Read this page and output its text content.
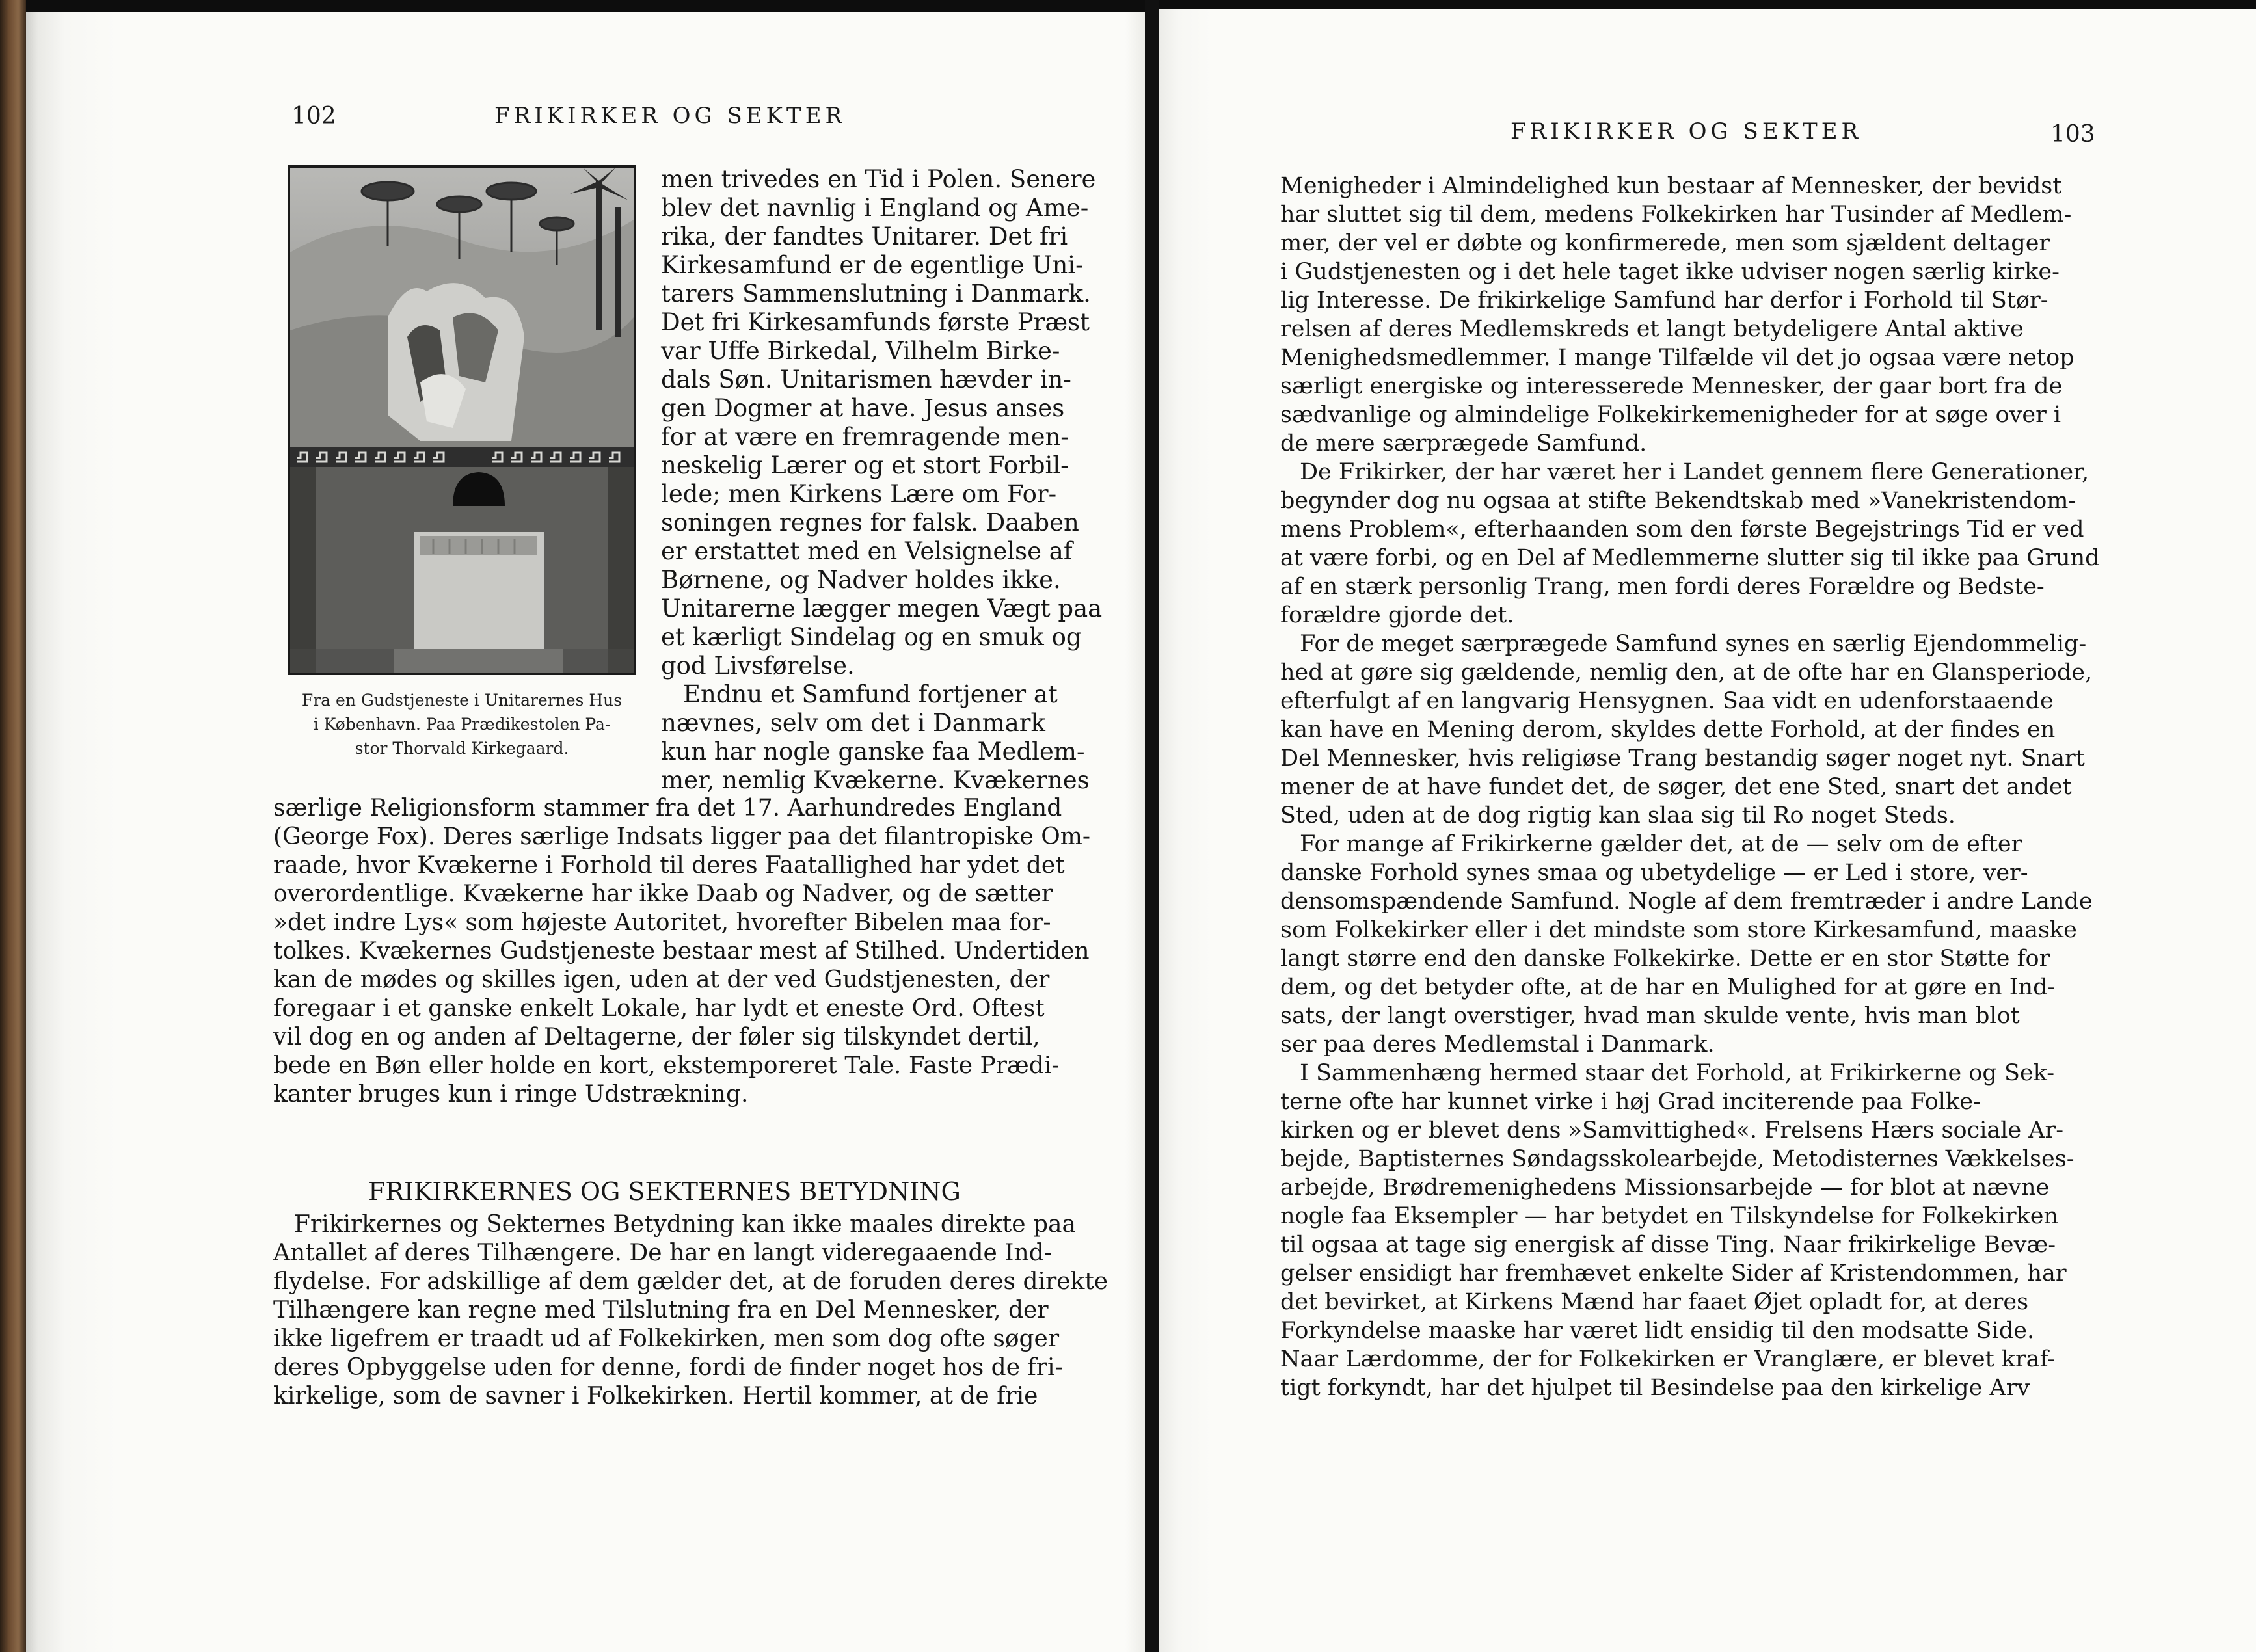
102	FRIKIRKER OG SEKTER
Fra en Gudstjeneste i Unitarernes Hus
i København. Paa Prædikestolen Pa-
stor Thorvald Kirkegaard.
men trivedes en Tid i Polen. Senere
blev det navnlig i England og Ame-
rika, der fandtes Unitarer. Det fri
Kirkesamfund er de egentlige Uni-
tarers Sammenslutning i Danmark.
Det fri Kirkesamfunds første Præst
var Uffe Birkedal, Vilhelm Birke-
dals Søn. Unitarismen hævder in-
gen Dogmer at have. Jesus anses
for at være en fremragende men-
neskelig Lærer og et stort Forbil-
lede; men Kirkens Lære om For-
soningen regnes for falsk. Daaben
er erstattet med en Velsignelse af
Børnene, og Nadver holdes ikke.
Unitarerne lægger megen Vægt paa
et kærligt Sindelag og en smuk og
god Livsførelse.
Endnu et Samfund fortjener at
nævnes, selv om det i Danmark
kun har nogle ganske faa Medlem-
mer, nemlig Kvækerne. Kvækernes
særlige Religionsform stammer fra det 17. Aarhundredes England
(George Fox). Deres særlige Indsats ligger paa det filantropiske Om-
raade, hvor Kvækerne i Forhold til deres Faatallighed har ydet det
overordentlige. Kvækerne har ikke Daab og Nadver, og de sætter
»det indre Lys« som højeste Autoritet, hvorefter Bibelen maa for-
tolkes. Kvækernes Gudstjeneste bestaar mest af Stilhed. Undertiden
kan de mødes og skilles igen, uden at der ved Gudstjenesten, der
foregaar i et ganske enkelt Lokale, har lydt et eneste Ord. Oftest
vil dog en og anden af Deltagerne, der føler sig tilskyndet dertil,
bede en Bøn eller holde en kort, ekstemporeret Tale. Faste Prædi-
kanter bruges kun i ringe Udstrækning.
FRIKIRKERNES OG SEKTERNES BETYDNING
Frikirkernes og Sekternes Betydning kan ikke maales direkte paa
Antallet af deres Tilhængere. De har en langt videregaaende Ind-
flydelse. For adskillige af dem gælder det, at de foruden deres direkte
Tilhængere kan regne med Tilslutning fra en Del Mennesker, der
ikke ligefrem er traadt ud af Folkekirken, men som dog ofte søger
deres Opbyggelse uden for denne, fordi de finder noget hos de fri-
kirkelige, som de savner i Folkekirken. Hertil kommer, at de frie
FRIKIRKER OG SEKTER	103
Menigheder i Almindelighed kun bestaar af Mennesker, der bevidst
har sluttet sig til dem, medens Folkekirken har Tusinder af Medlem-
mer, der vel er døbte og konfirmerede, men som sjældent deltager
i Gudstjenesten og i det hele taget ikke udviser nogen særlig kirke-
lig Interesse. De frikirkelige Samfund har derfor i Forhold til Stør-
relsen af deres Medlemskreds et langt betydeligere Antal aktive
Menighedsmedlemmer. I mange Tilfælde vil det jo ogsaa være netop
særligt energiske og interesserede Mennesker, der gaar bort fra de
sædvanlige og almindelige Folkekirkemenigheder for at søge over i
de mere særprægede Samfund.
De Frikirker, der har været her i Landet gennem flere Generationer,
begynder dog nu ogsaa at stifte Bekendtskab med »Vanekristendom-
mens Problem«, efterhaanden som den første Begejstrings Tid er ved
at være forbi, og en Del af Medlemmerne slutter sig til ikke paa Grund
af en stærk personlig Trang, men fordi deres Forældre og Bedste-
forældre gjorde det.
For de meget særprægede Samfund synes en særlig Ejendommelig-
hed at gøre sig gældende, nemlig den, at de ofte har en Glansperiode,
efterfulgt af en langvarig Hensygnen. Saa vidt en udenforstaaende
kan have en Mening derom, skyldes dette Forhold, at der findes en
Del Mennesker, hvis religiøse Trang bestandig søger noget nyt. Snart
mener de at have fundet det, de søger, det ene Sted, snart det andet
Sted, uden at de dog rigtig kan slaa sig til Ro noget Steds.
For mange af Frikirkerne gælder det, at de — selv om de efter
danske Forhold synes smaa og ubetydelige — er Led i store, ver-
densomspændende Samfund. Nogle af dem fremtræder i andre Lande
som Folkekirker eller i det mindste som store Kirkesamfund, maaske
langt større end den danske Folkekirke. Dette er en stor Støtte for
dem, og det betyder ofte, at de har en Mulighed for at gøre en Ind-
sats, der langt overstiger, hvad man skulde vente, hvis man blot
ser paa deres Medlemstal i Danmark.
I Sammenhæng hermed staar det Forhold, at Frikirkerne og Sek-
terne ofte har kunnet virke i høj Grad inciterende paa Folke-
kirken og er blevet dens »Samvittighed«. Frelsens Hærs sociale Ar-
bejde, Baptisternes Søndagsskolearbejde, Metodisternes Vækkelses-
arbejde, Brødremenighedens Missionsarbejde — for blot at nævne
nogle faa Eksempler — har betydet en Tilskyndelse for Folkekirken
til ogsaa at tage sig energisk af disse Ting. Naar frikirkelige Bevæ-
gelser ensidigt har fremhævet enkelte Sider af Kristendommen, har
det bevirket, at Kirkens Mænd har faaet Øjet opladt for, at deres
Forkyndelse maaske har været lidt ensidig til den modsatte Side.
Naar Lærdomme, der for Folkekirken er Vranglære, er blevet kraf-
tigt forkyndt, har det hjulpet til Besindelse paa den kirkelige Arv
